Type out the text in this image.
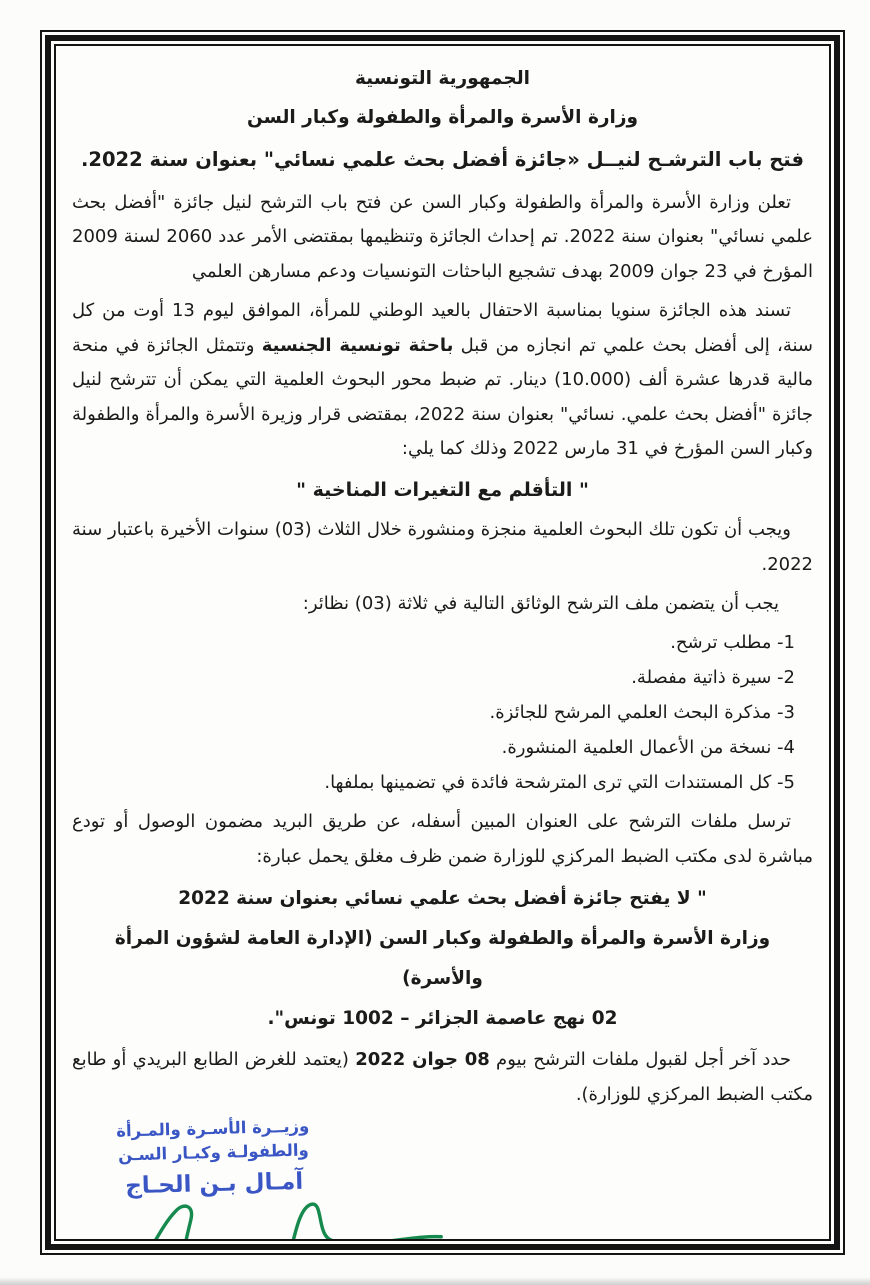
الجمهورية التونسية
وزارة الأسرة والمرأة والطفولة وكبار السن
فتح باب الترشـح لنيــل «جائزة أفضل بحث علمي نسائي" بعنوان سنة 2022.

تعلن وزارة الأسرة والمرأة والطفولة وكبار السن عن فتح باب الترشح لنيل جائزة "أفضل بحث علمي نسائي" بعنوان سنة 2022. تم إحداث الجائزة وتنظيمها بمقتضى الأمر عدد 2060 لسنة 2009 المؤرخ في 23 جوان 2009 بهدف تشجيع الباحثات التونسيات ودعم مسارهن العلمي

تسند هذه الجائزة سنويا بمناسبة الاحتفال بالعيد الوطني للمرأة، الموافق ليوم 13 أوت من كل سنة، إلى أفضل بحث علمي تم انجازه من قبل باحثة تونسية الجنسية وتتمثل الجائزة في منحة مالية قدرها عشرة ألف (10.000) دينار. تم ضبط محور البحوث العلمية التي يمكن أن تترشح لنيل جائزة "أفضل بحث علمي. نسائي" بعنوان سنة 2022، بمقتضى قرار وزيرة الأسرة والمرأة والطفولة وكبار السن المؤرخ في 31 مارس 2022 وذلك كما يلي:

" التأقلم مع التغيرات المناخية "

ويجب أن تكون تلك البحوث العلمية منجزة ومنشورة خلال الثلاث (03) سنوات الأخيرة باعتبار سنة 2022.

يجب أن يتضمن ملف الترشح الوثائق التالية في ثلاثة (03) نظائر:
1- مطلب ترشح.
2- سيرة ذاتية مفصلة.
3- مذكرة البحث العلمي المرشح للجائزة.
4- نسخة من الأعمال العلمية المنشورة.
5- كل المستندات التي ترى المترشحة فائدة في تضمينها بملفها.

ترسل ملفات الترشح على العنوان المبين أسفله، عن طريق البريد مضمون الوصول أو تودع مباشرة لدى مكتب الضبط المركزي للوزارة ضمن ظرف مغلق يحمل عبارة:

" لا يفتح جائزة أفضل بحث علمي نسائي بعنوان سنة 2022
وزارة الأسرة والمرأة والطفولة وكبار السن (الإدارة العامة لشؤون المرأة والأسرة)
02 نهج عاصمة الجزائر – 1002 تونس".

حدد آخر أجل لقبول ملفات الترشح بيوم 08 جوان 2022 (يعتمد للغرض الطابع البريدي أو طابع مكتب الضبط المركزي للوزارة).

وزيــرة الأسـرة والمـرأة
والطفولـة وكبـار السـن
آمـال بـن الحـاج
